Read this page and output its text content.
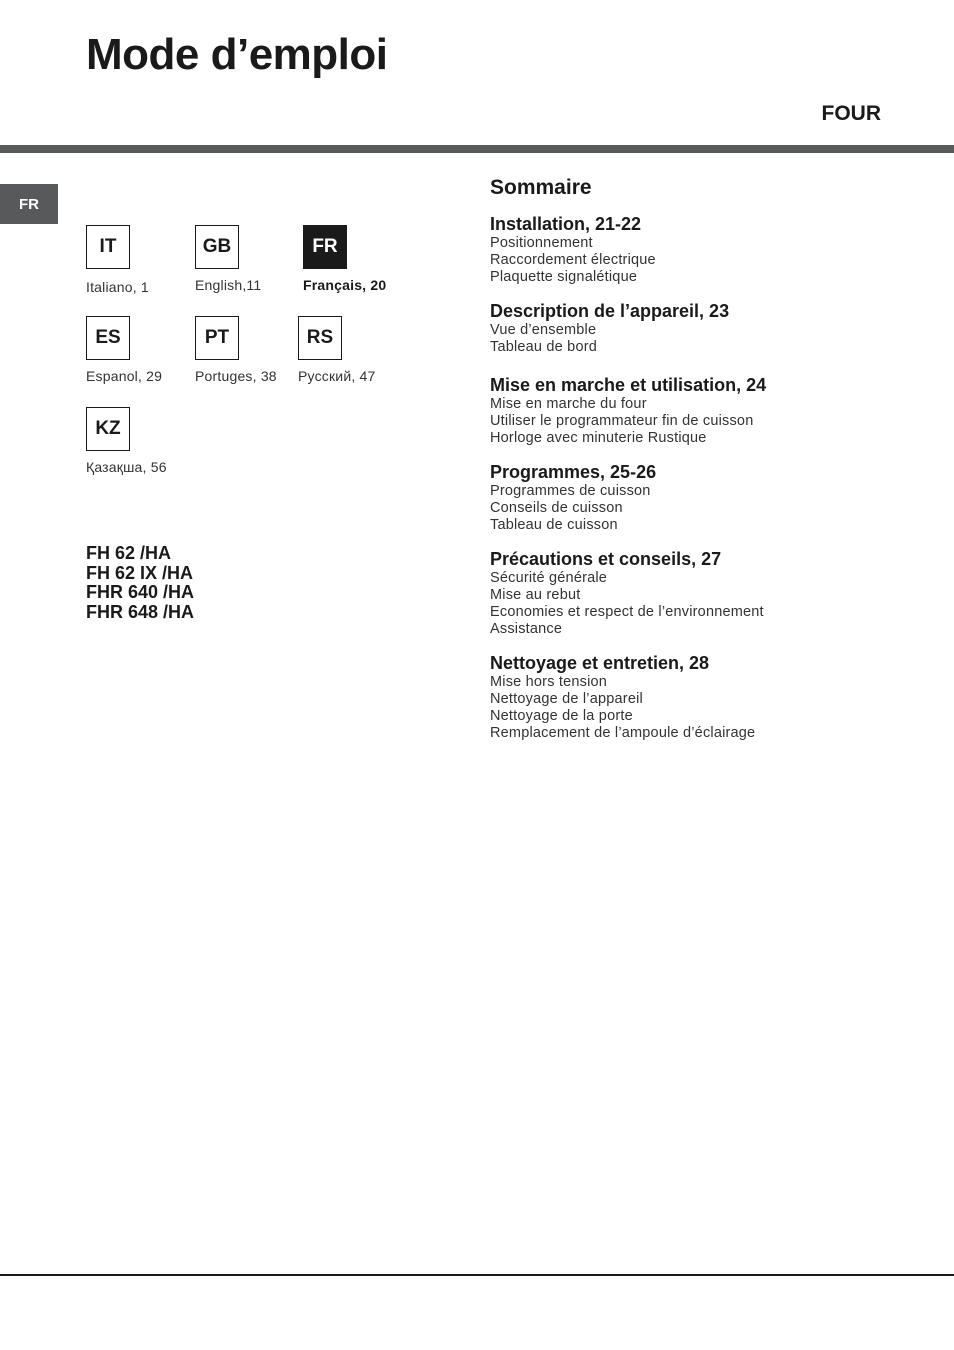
Mode d’emploi
FOUR
FR
IT
Italiano, 1
GB
English,11
FR
Français, 20
ES
Espanol, 29
PT
Portuges, 38
RS
Русский, 47
KZ
Қазақша, 56
FH 62 /HA
FH 62 IX /HA
FHR 640 /HA
FHR 648 /HA
Sommaire
Installation, 21-22
Positionnement
Raccordement électrique
Plaquette signalétique
Description de l’appareil, 23
Vue d’ensemble
Tableau de bord
Mise en marche et utilisation, 24
Mise en marche du four
Utiliser le programmateur fin de cuisson
Horloge avec minuterie Rustique
Programmes, 25-26
Programmes de cuisson
Conseils de cuisson
Tableau de cuisson
Précautions et conseils, 27
Sécurité générale
Mise au rebut
Economies et respect de l’environnement
Assistance
Nettoyage et entretien, 28
Mise hors tension
Nettoyage de l’appareil
Nettoyage de la porte
Remplacement de l’ampoule d’éclairage
